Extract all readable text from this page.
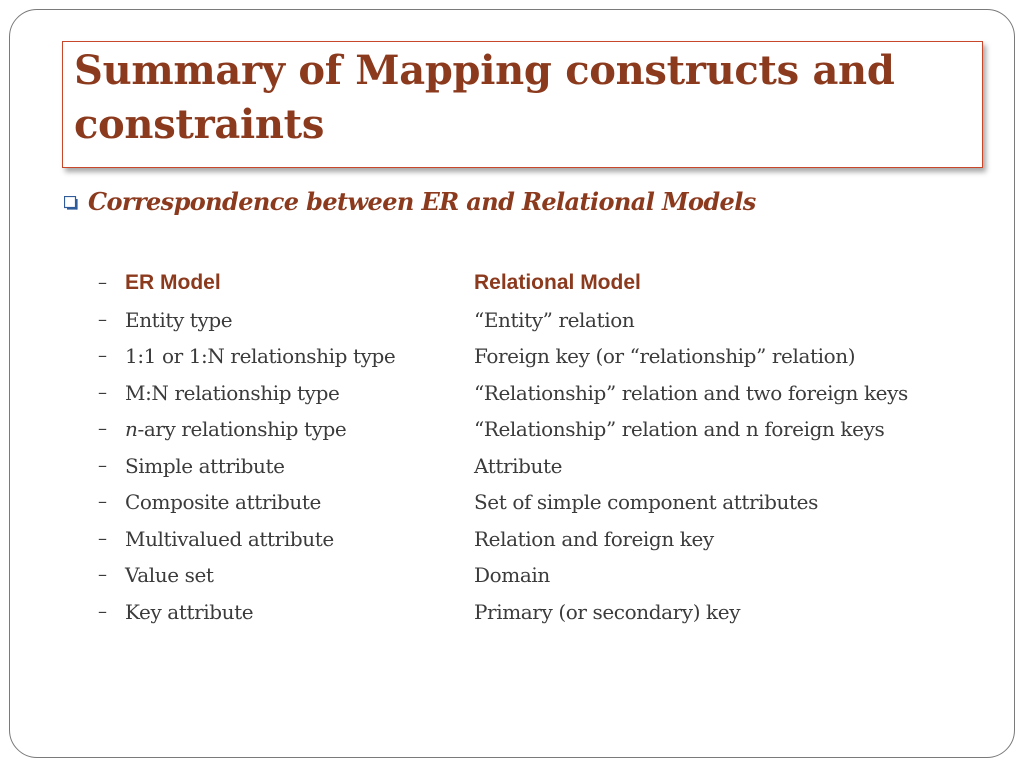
Summary of Mapping constructs and
constraints
Correspondence between ER and Relational Models
– ER Model	Relational Model
– Entity type	“Entity” relation
– 1:1 or 1:N relationship type	Foreign key (or “relationship” relation)
– M:N relationship type	“Relationship” relation and two foreign keys
– n-ary relationship type	“Relationship” relation and n foreign keys
– Simple attribute	Attribute
– Composite attribute	Set of simple component attributes
– Multivalued attribute	Relation and foreign key
– Value set	Domain
– Key attribute	Primary (or secondary) key
